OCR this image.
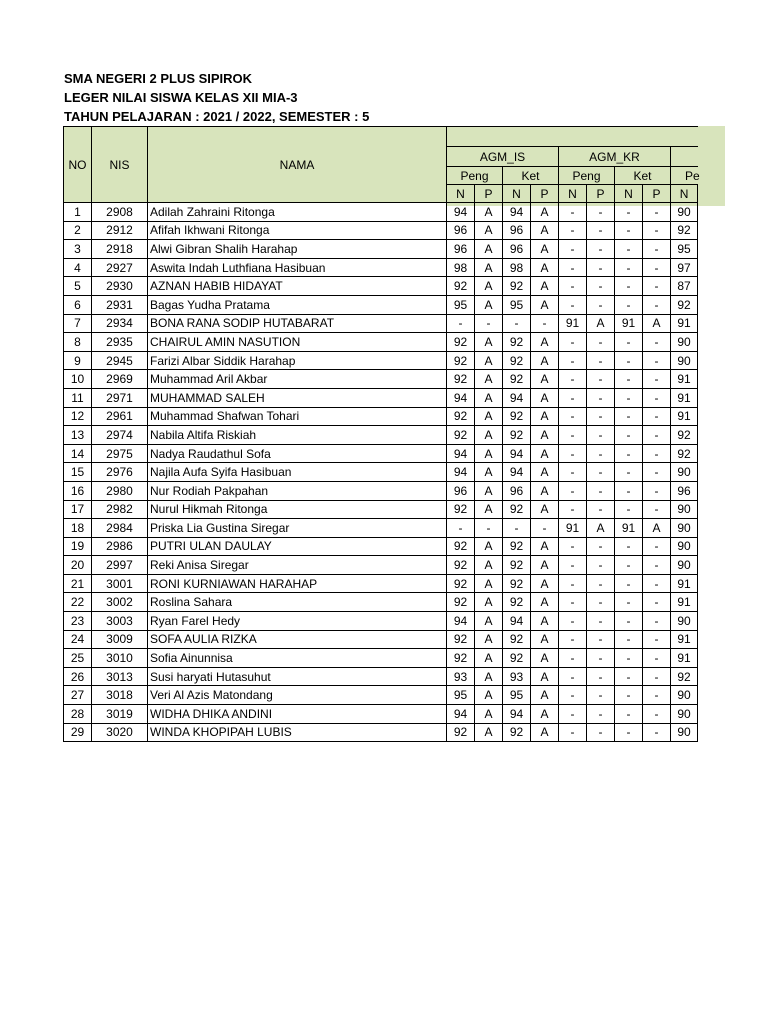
SMA NEGERI 2 PLUS SIPIROK
LEGER NILAI SISWA KELAS XII MIA-3
TAHUN PELAJARAN : 2021 / 2022, SEMESTER : 5
NO	NIS	NAMA									
			AGM_IS				AGM_KR				
			Peng		Ket		Peng		Ket		Pe
			N	P	N	P	N	P	N	P	N
1	2908	Adilah Zahraini Ritonga	94	A	94	A	-	-	-	-	90
2	2912	Afifah Ikhwani Ritonga	96	A	96	A	-	-	-	-	92
3	2918	Alwi Gibran Shalih Harahap	96	A	96	A	-	-	-	-	95
4	2927	Aswita Indah Luthfiana Hasibuan	98	A	98	A	-	-	-	-	97
5	2930	AZNAN HABIB HIDAYAT	92	A	92	A	-	-	-	-	87
6	2931	Bagas Yudha Pratama	95	A	95	A	-	-	-	-	92
7	2934	BONA RANA SODIP HUTABARAT	-	-	-	-	91	A	91	A	91
8	2935	CHAIRUL AMIN NASUTION	92	A	92	A	-	-	-	-	90
9	2945	Farizi Albar Siddik Harahap	92	A	92	A	-	-	-	-	90
10	2969	Muhammad Aril Akbar	92	A	92	A	-	-	-	-	91
11	2971	MUHAMMAD SALEH	94	A	94	A	-	-	-	-	91
12	2961	Muhammad Shafwan Tohari	92	A	92	A	-	-	-	-	91
13	2974	Nabila Altifa Riskiah	92	A	92	A	-	-	-	-	92
14	2975	Nadya Raudathul Sofa	94	A	94	A	-	-	-	-	92
15	2976	Najila Aufa Syifa Hasibuan	94	A	94	A	-	-	-	-	90
16	2980	Nur Rodiah Pakpahan	96	A	96	A	-	-	-	-	96
17	2982	Nurul Hikmah Ritonga	92	A	92	A	-	-	-	-	90
18	2984	Priska Lia Gustina Siregar	-	-	-	-	91	A	91	A	90
19	2986	PUTRI ULAN DAULAY	92	A	92	A	-	-	-	-	90
20	2997	Reki Anisa Siregar	92	A	92	A	-	-	-	-	90
21	3001	RONI KURNIAWAN HARAHAP	92	A	92	A	-	-	-	-	91
22	3002	Roslina Sahara	92	A	92	A	-	-	-	-	91
23	3003	Ryan Farel Hedy	94	A	94	A	-	-	-	-	90
24	3009	SOFA AULIA RIZKA	92	A	92	A	-	-	-	-	91
25	3010	Sofia Ainunnisa	92	A	92	A	-	-	-	-	91
26	3013	Susi haryati Hutasuhut	93	A	93	A	-	-	-	-	92
27	3018	Veri Al Azis Matondang	95	A	95	A	-	-	-	-	90
28	3019	WIDHA DHIKA ANDINI	94	A	94	A	-	-	-	-	90
29	3020	WINDA KHOPIPAH LUBIS	92	A	92	A	-	-	-	-	90
